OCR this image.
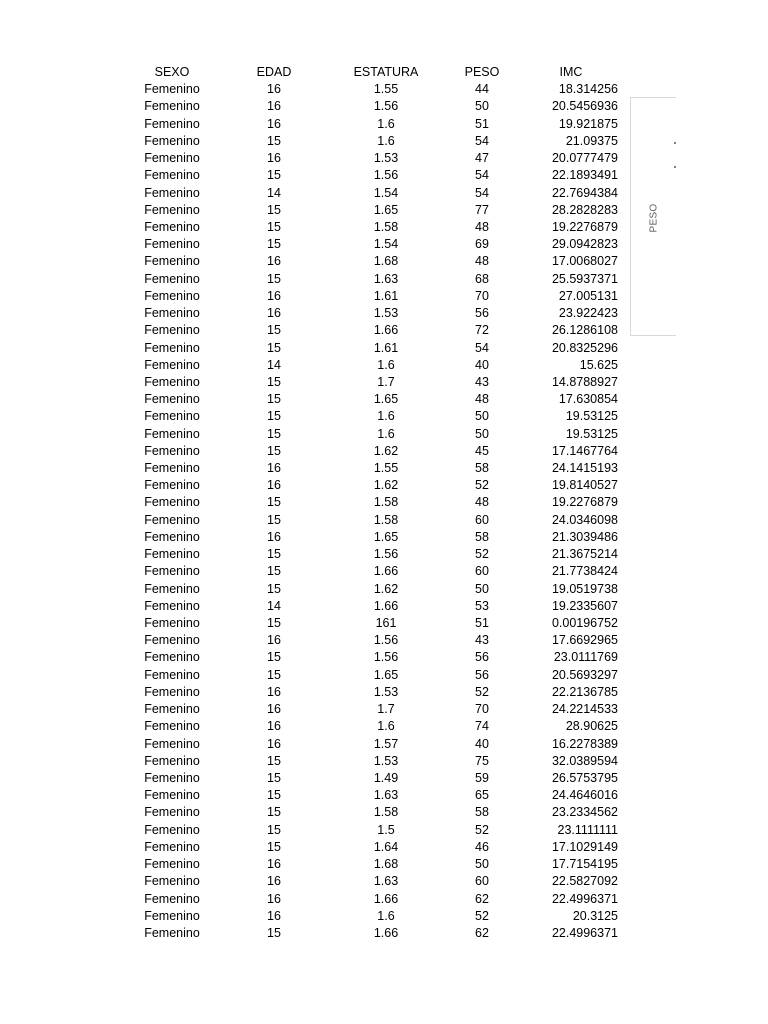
SEXO	EDAD	ESTATURA	PESO	IMC
Femenino	16	1.55	44	18.314256
Femenino	16	1.56	50	20.5456936
Femenino	16	1.6	51	19.921875
Femenino	15	1.6	54	21.09375
Femenino	16	1.53	47	20.0777479
Femenino	15	1.56	54	22.1893491
Femenino	14	1.54	54	22.7694384
Femenino	15	1.65	77	28.2828283
Femenino	15	1.58	48	19.2276879
Femenino	15	1.54	69	29.0942823
Femenino	16	1.68	48	17.0068027
Femenino	15	1.63	68	25.5937371
Femenino	16	1.61	70	27.005131
Femenino	16	1.53	56	23.922423
Femenino	15	1.66	72	26.1286108
Femenino	15	1.61	54	20.8325296
Femenino	14	1.6	40	15.625
Femenino	15	1.7	43	14.8788927
Femenino	15	1.65	48	17.630854
Femenino	15	1.6	50	19.53125
Femenino	15	1.6	50	19.53125
Femenino	15	1.62	45	17.1467764
Femenino	16	1.55	58	24.1415193
Femenino	16	1.62	52	19.8140527
Femenino	15	1.58	48	19.2276879
Femenino	15	1.58	60	24.0346098
Femenino	16	1.65	58	21.3039486
Femenino	15	1.56	52	21.3675214
Femenino	15	1.66	60	21.7738424
Femenino	15	1.62	50	19.0519738
Femenino	14	1.66	53	19.2335607
Femenino	15	161	51	0.00196752
Femenino	16	1.56	43	17.6692965
Femenino	15	1.56	56	23.0111769
Femenino	15	1.65	56	20.5693297
Femenino	16	1.53	52	22.2136785
Femenino	16	1.7	70	24.2214533
Femenino	16	1.6	74	28.90625
Femenino	16	1.57	40	16.2278389
Femenino	15	1.53	75	32.0389594
Femenino	15	1.49	59	26.5753795
Femenino	15	1.63	65	24.4646016
Femenino	15	1.58	58	23.2334562
Femenino	15	1.5	52	23.1111111
Femenino	15	1.64	46	17.1029149
Femenino	16	1.68	50	17.7154195
Femenino	16	1.63	60	22.5827092
Femenino	16	1.66	62	22.4996371
Femenino	16	1.6	52	20.3125
Femenino	15	1.66	62	22.4996371
PESO
